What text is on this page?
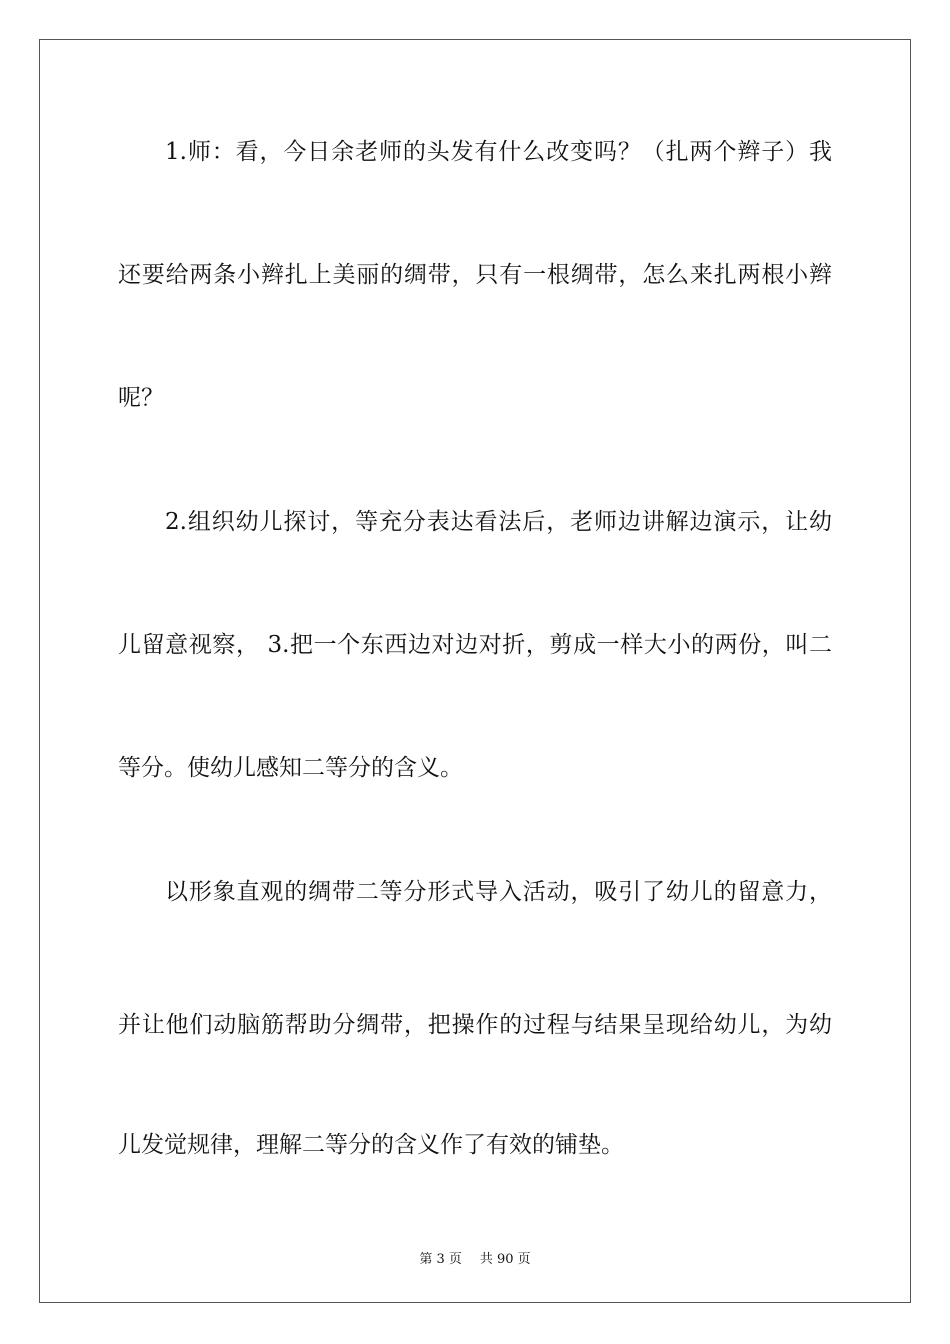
1.师：看，今日余老师的头发有什么改变吗？（扎两个辫子）我
还要给两条小辫扎上美丽的绸带，只有一根绸带，怎么来扎两根小辫
呢？
2.组织幼儿探讨，等充分表达看法后，老师边讲解边演示，让幼
儿留意视察， 3.把一个东西边对边对折，剪成一样大小的两份，叫二
等分。使幼儿感知二等分的含义。
以形象直观的绸带二等分形式导入活动，吸引了幼儿的留意力，
并让他们动脑筋帮助分绸带，把操作的过程与结果呈现给幼儿，为幼
儿发觉规律，理解二等分的含义作了有效的铺垫。
第 3 页 共 90 页
